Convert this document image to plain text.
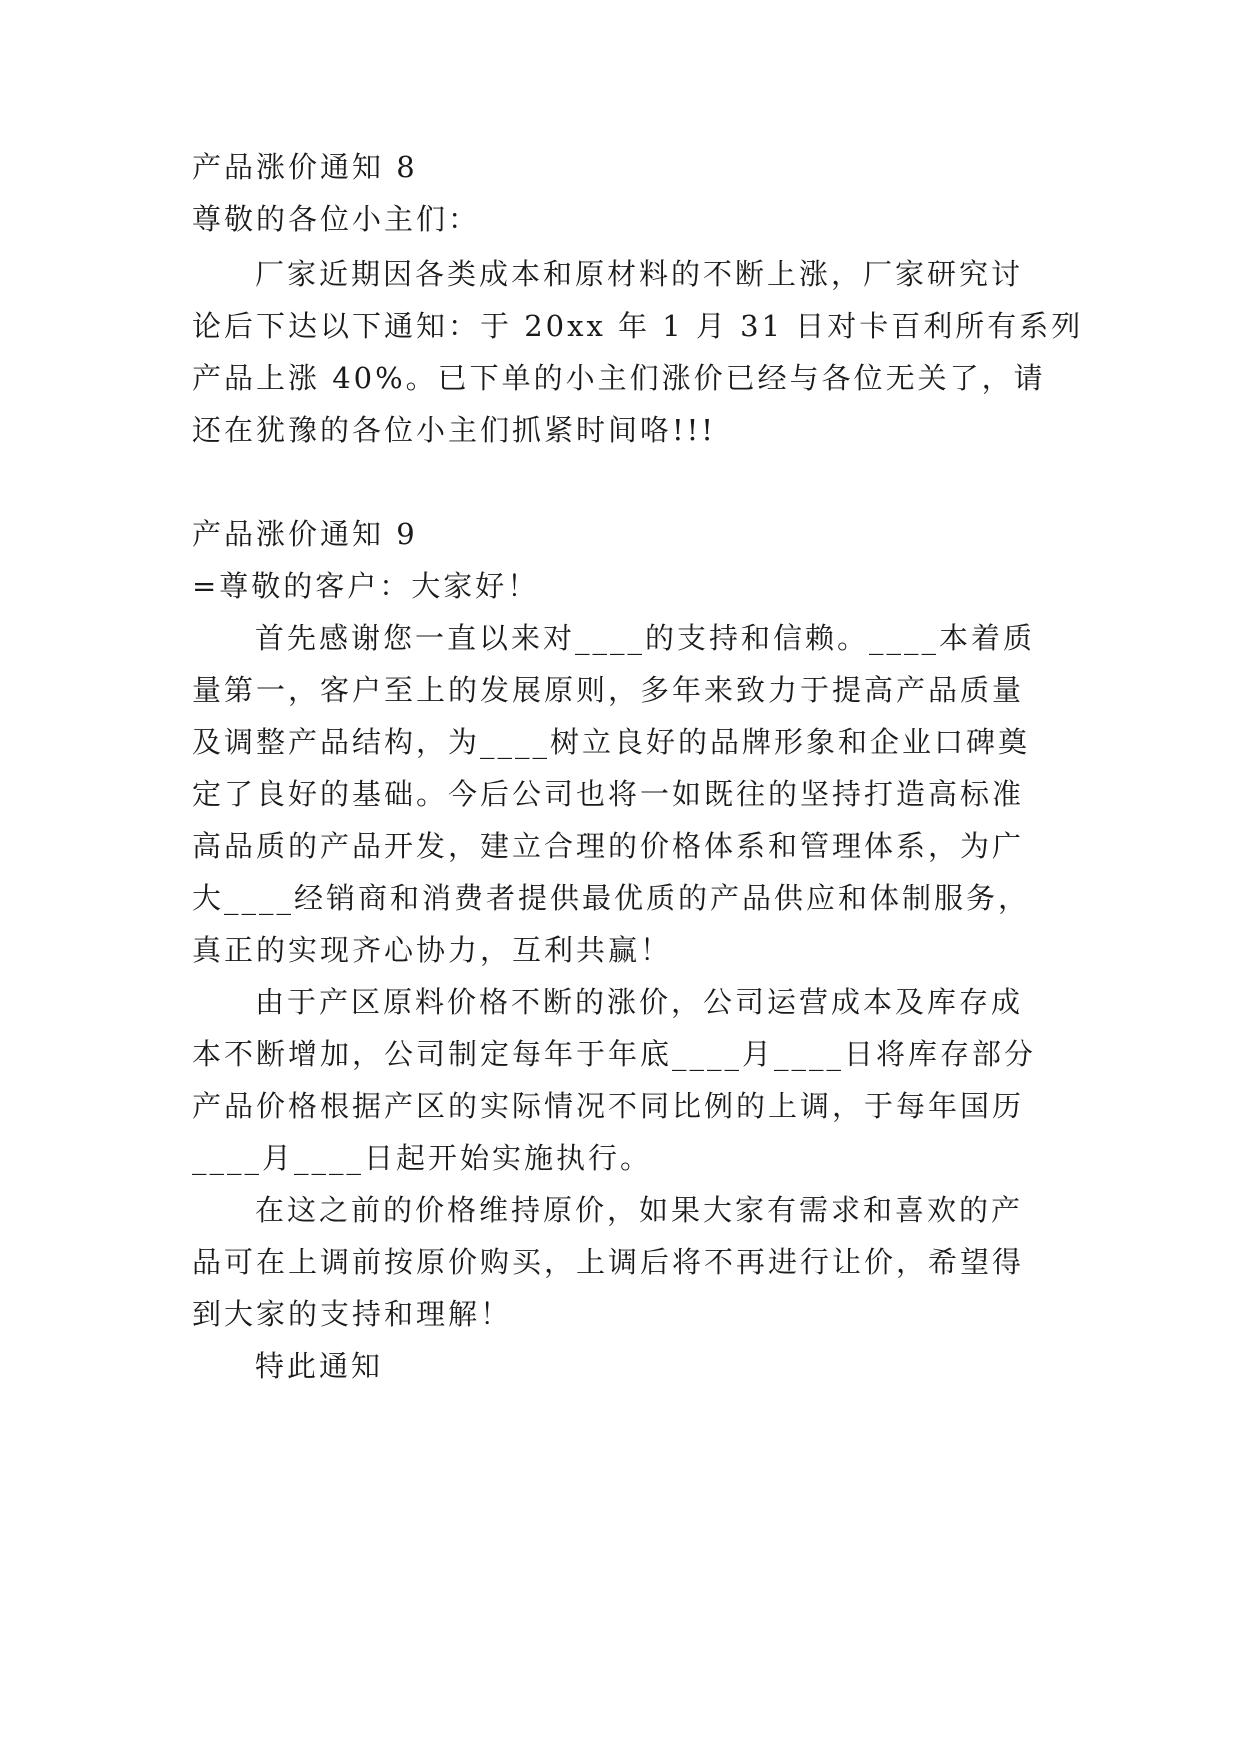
产品涨价通知 8

尊敬的各位小主们：

厂家近期因各类成本和原材料的不断上涨，厂家研究讨

论后下达以下通知：于 20xx 年 1 月 31 日对卡百利所有系列

产品上涨 40%。已下单的小主们涨价已经与各位无关了，请

还在犹豫的各位小主们抓紧时间咯!!!

产品涨价通知 9

=尊敬的客户：大家好！

首先感谢您一直以来对____的支持和信赖。____本着质

量第一，客户至上的发展原则，多年来致力于提高产品质量

及调整产品结构，为____树立良好的品牌形象和企业口碑奠

定了良好的基础。今后公司也将一如既往的坚持打造高标准

高品质的产品开发，建立合理的价格体系和管理体系，为广

大____经销商和消费者提供最优质的产品供应和体制服务，

真正的实现齐心协力，互利共赢！

由于产区原料价格不断的涨价，公司运营成本及库存成

本不断增加，公司制定每年于年底____月____日将库存部分

产品价格根据产区的实际情况不同比例的上调，于每年国历

____月____日起开始实施执行。

在这之前的价格维持原价，如果大家有需求和喜欢的产

品可在上调前按原价购买，上调后将不再进行让价，希望得

到大家的支持和理解！

特此通知
